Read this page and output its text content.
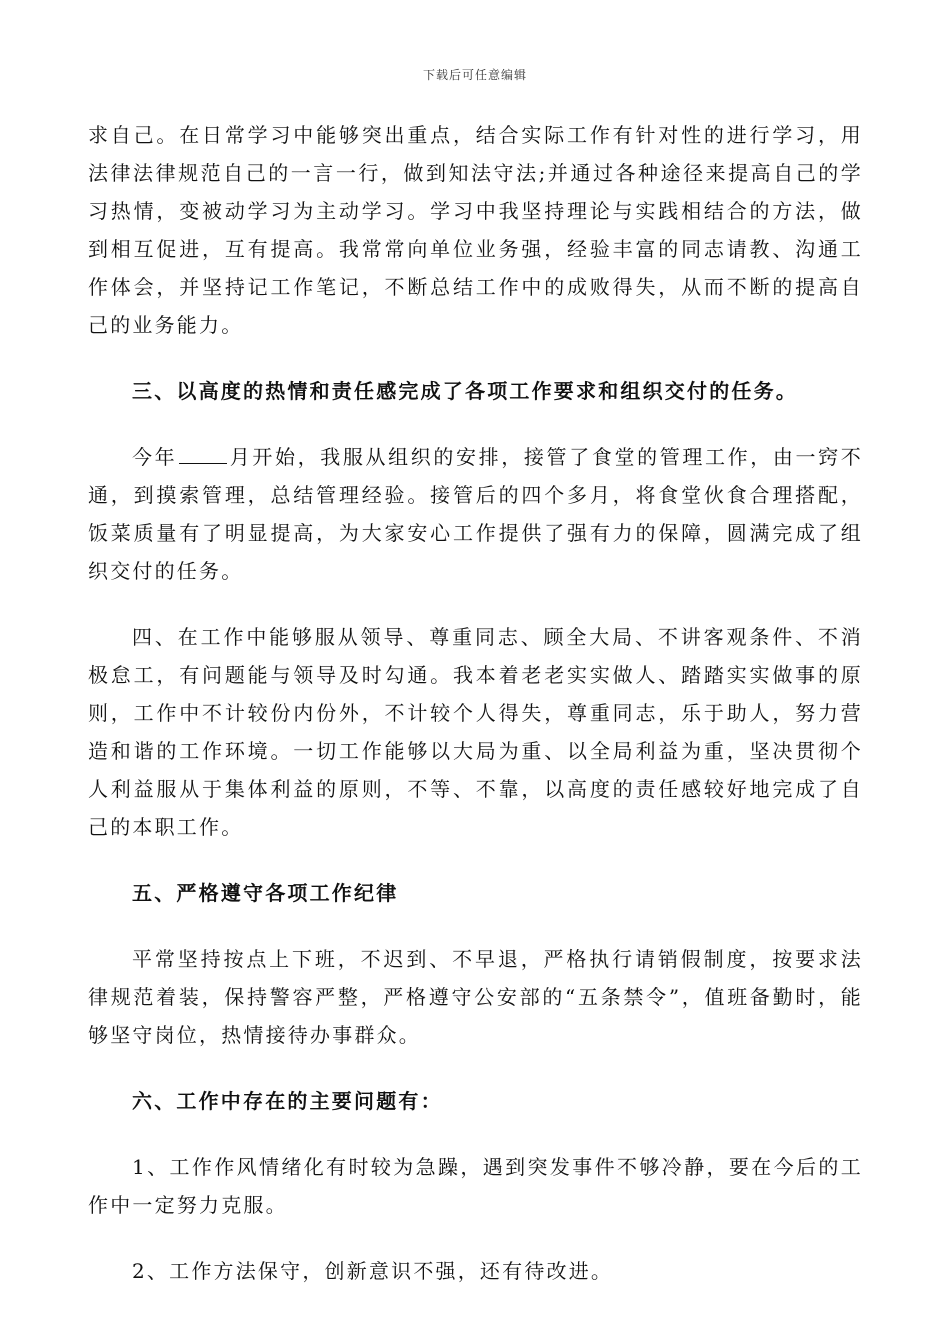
下载后可任意编辑

求自己。在日常学习中能够突出重点，结合实际工作有针对性的进行学习，用法律法律规范自己的一言一行，做到知法守法;并通过各种途径来提高自己的学习热情，变被动学习为主动学习。学习中我坚持理论与实践相结合的方法，做到相互促进，互有提高。我常常向单位业务强，经验丰富的同志请教、沟通工作体会，并坚持记工作笔记，不断总结工作中的成败得失，从而不断的提高自己的业务能力。

三、以高度的热情和责任感完成了各项工作要求和组织交付的任务。

今年	月开始，我服从组织的安排，接管了食堂的管理工作，由一窍不通，到摸索管理，总结管理经验。接管后的四个多月，将食堂伙食合理搭配，饭菜质量有了明显提高，为大家安心工作提供了强有力的保障，圆满完成了组织交付的任务。

四、在工作中能够服从领导、尊重同志、顾全大局、不讲客观条件、不消极怠工，有问题能与领导及时勾通。我本着老老实实做人、踏踏实实做事的原则，工作中不计较份内份外，不计较个人得失，尊重同志，乐于助人，努力营造和谐的工作环境。一切工作能够以大局为重、以全局利益为重，坚决贯彻个人利益服从于集体利益的原则，不等、不靠，以高度的责任感较好地完成了自己的本职工作。

五、严格遵守各项工作纪律

平常坚持按点上下班，不迟到、不早退，严格执行请销假制度，按要求法律规范着装，保持警容严整，严格遵守公安部的“五条禁令”，值班备勤时，能够坚守岗位，热情接待办事群众。

六、工作中存在的主要问题有：

1、工作作风情绪化有时较为急躁，遇到突发事件不够冷静，要在今后的工作中一定努力克服。

2、工作方法保守，创新意识不强，还有待改进。
